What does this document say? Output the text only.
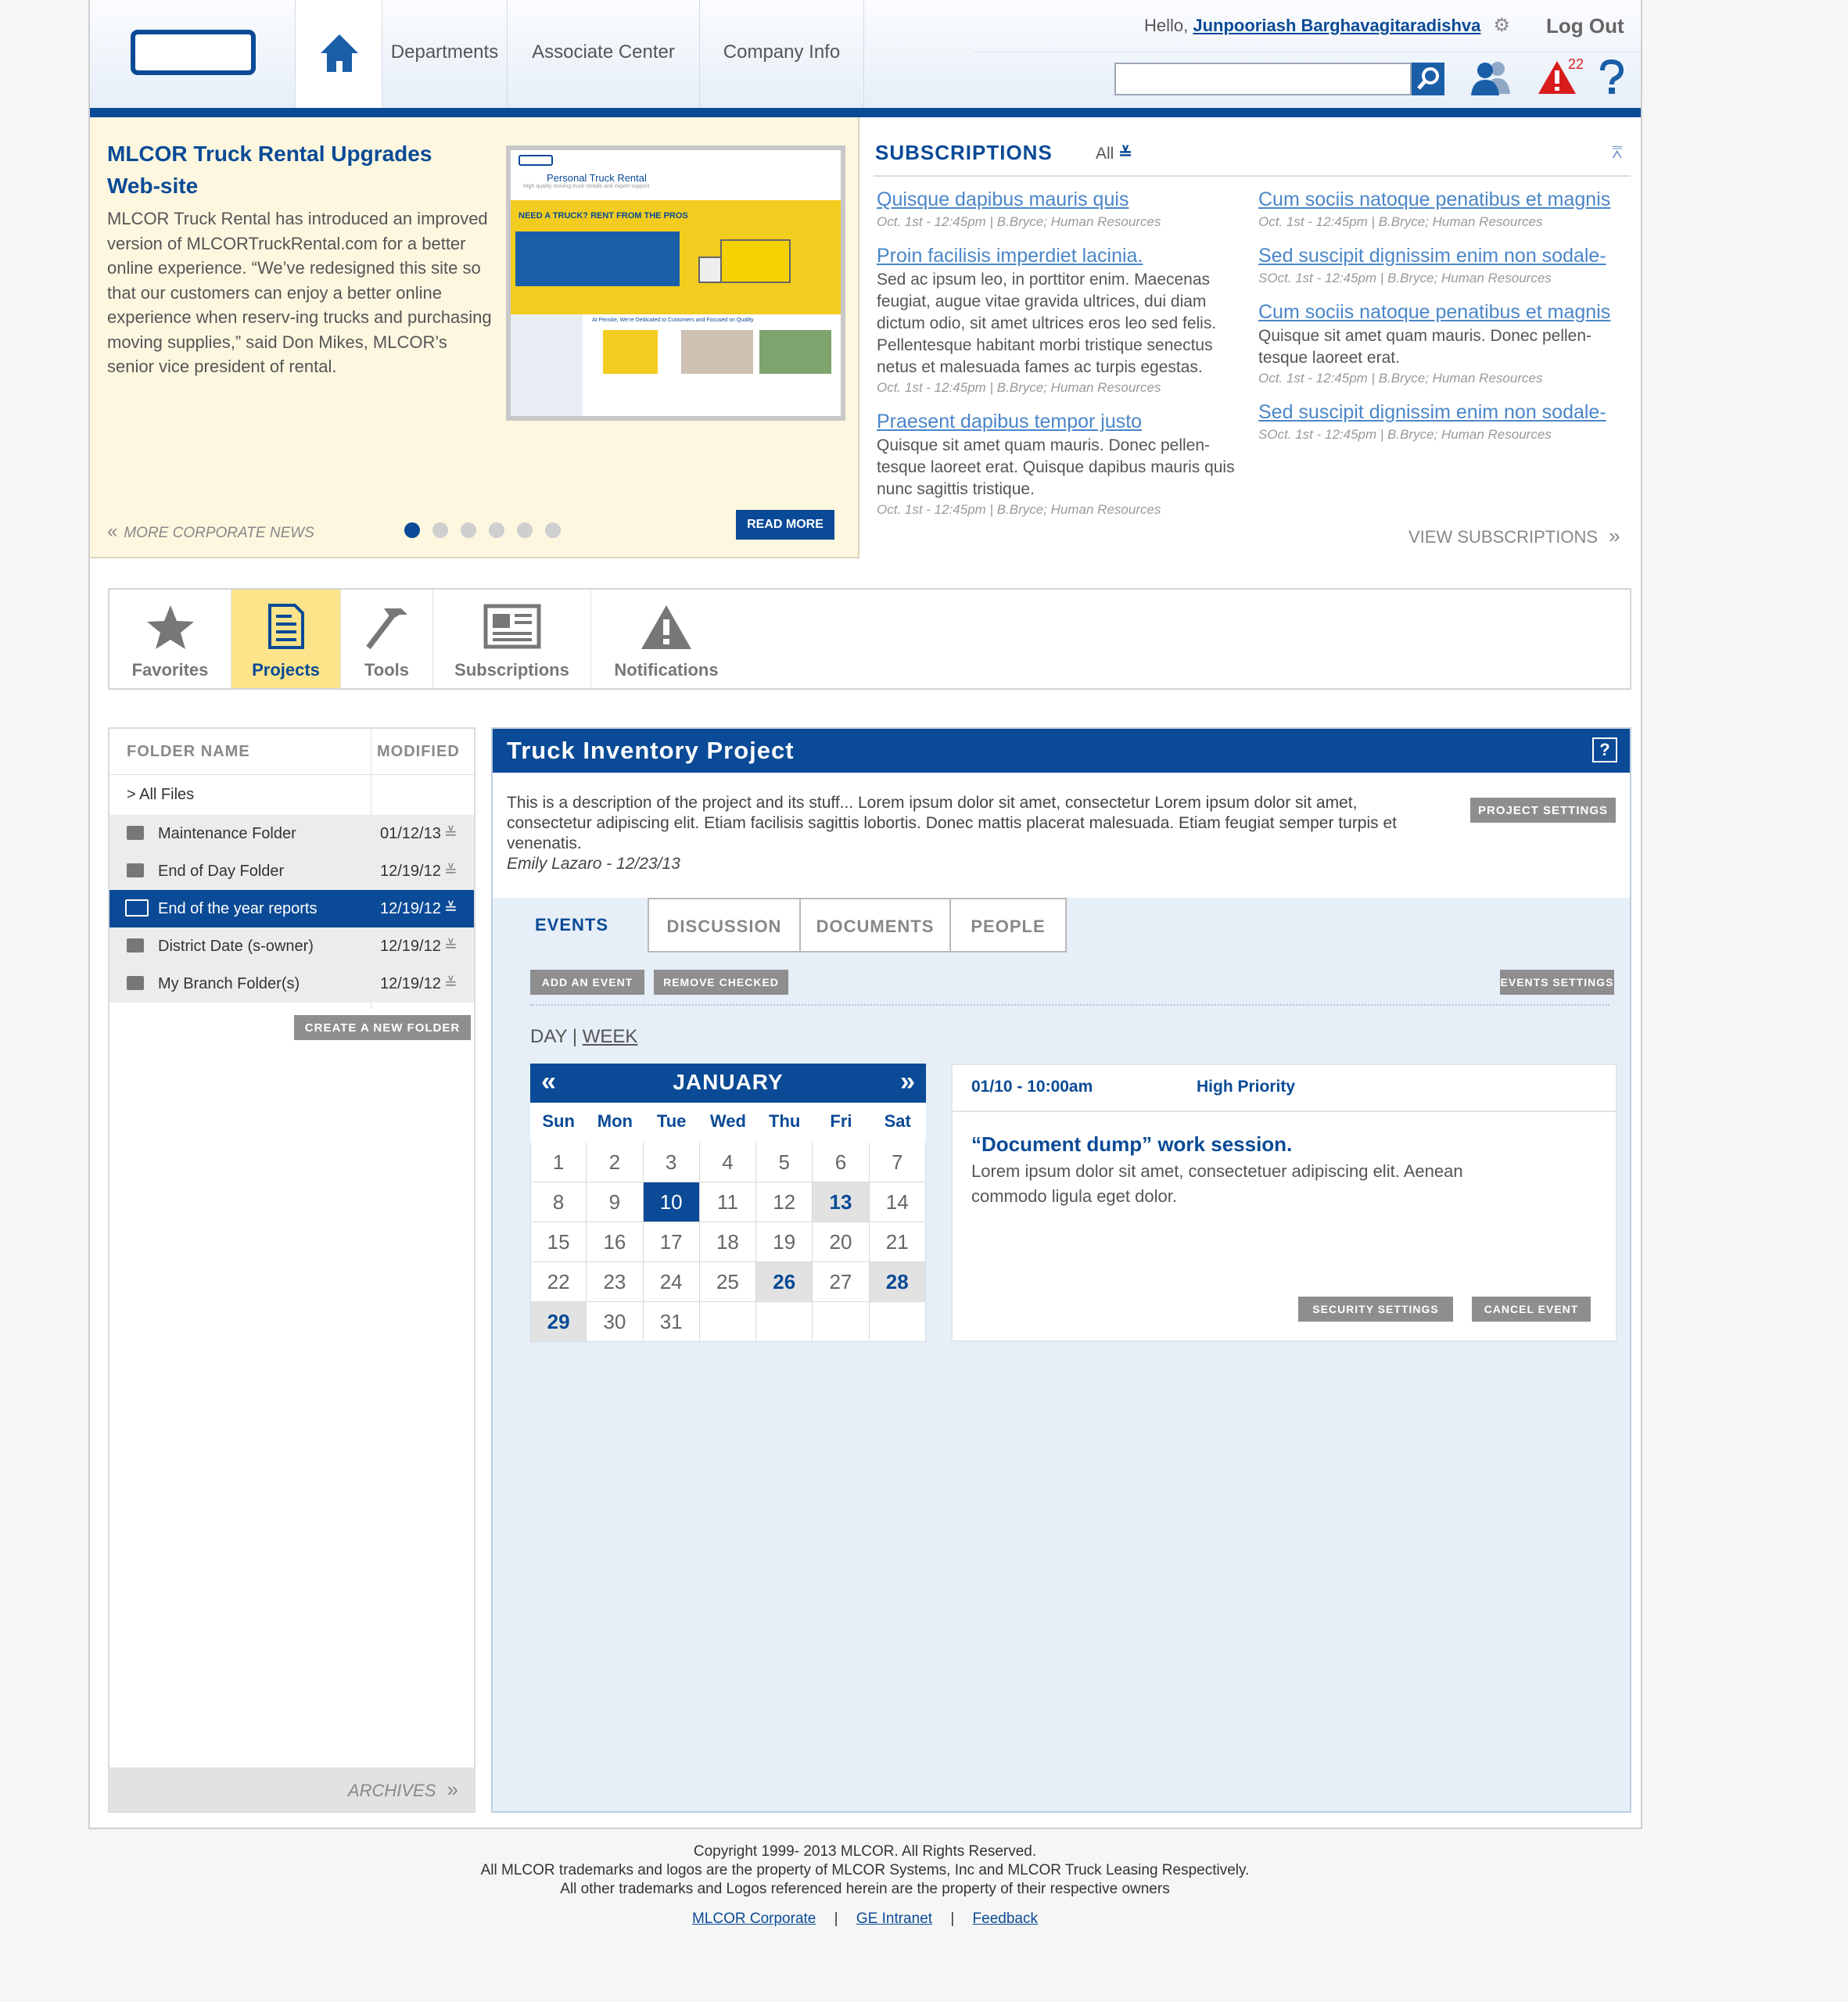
Departments	Associate Center	Company Info
Hello, Junpooriash Barghavagitaradishva ⚙ Log Out
22
MLCOR Truck Rental Upgrades Web-site
MLCOR Truck Rental has introduced an improved version of MLCORTruckRental.com for a better online experience. “We’ve redesigned this site so that our customers can enjoy a better online experience when reserv-ing trucks and purchasing moving supplies,” said Don Mikes, MLCOR’s senior vice president of rental.
Personal Truck Rental
High quality moving truck rentals and expert support
NEED A TRUCK? RENT FROM THE PROS
At Penske, We're Dedicated to Customers and Focused on Quality
« MORE CORPORATE NEWS
READ MORE
SUBSCRIPTIONS	All ≚	⩞
Quisque dapibus mauris quis
Oct. 1st - 12:45pm | B.Bryce; Human Resources
Proin facilisis imperdiet lacinia.
Sed ac ipsum leo, in porttitor enim. Maecenas feugiat, augue vitae gravida ultrices, dui diam dictum odio, sit amet ultrices eros leo sed felis. Pellentesque habitant morbi tristique senectus netus et malesuada fames ac turpis egestas.
Oct. 1st - 12:45pm | B.Bryce; Human Resources
Praesent dapibus tempor justo
Quisque sit amet quam mauris. Donec pellen-tesque laoreet erat. Quisque dapibus mauris quis nunc sagittis tristique.
Oct. 1st - 12:45pm | B.Bryce; Human Resources
Cum sociis natoque penatibus et magnis
Oct. 1st - 12:45pm | B.Bryce; Human Resources
Sed suscipit dignissim enim non sodale-
SOct. 1st - 12:45pm | B.Bryce; Human Resources
Cum sociis natoque penatibus et magnis
Quisque sit amet quam mauris. Donec pellen-tesque laoreet erat.
Oct. 1st - 12:45pm | B.Bryce; Human Resources
Sed suscipit dignissim enim non sodale-
SOct. 1st - 12:45pm | B.Bryce; Human Resources
VIEW SUBSCRIPTIONS »
Favorites	Projects	Tools	Subscriptions	Notifications
FOLDER NAME	MODIFIED
> All Files
Maintenance Folder	01/12/13 ≚
End of Day Folder	12/19/12 ≚
End of the year reports	12/19/12 ≚
District Date (s-owner)	12/19/12 ≚
My Branch Folder(s)	12/19/12 ≚
CREATE A NEW FOLDER
ARCHIVES »
Truck Inventory Project	?
This is a description of the project and its stuff... Lorem ipsum dolor sit amet, consectetur Lorem ipsum dolor sit amet, consectetur adipiscing elit. Etiam facilisis sagittis lobortis. Donec mattis placerat malesuada. Etiam feugiat semper turpis et venenatis.
Emily Lazaro - 12/23/13
PROJECT SETTINGS
EVENTS	DISCUSSION	DOCUMENTS	PEOPLE
ADD AN EVENT	REMOVE CHECKED	EVENTS SETTINGS
DAY | WEEK
«	JANUARY	»
Sun	Mon	Tue	Wed	Thu	Fri	Sat
1	2	3	4	5	6	7
8	9	10	11	12	13	14
15	16	17	18	19	20	21
22	23	24	25	26	27	28
29	30	31
01/10 - 10:00am	High Priority
“Document dump” work session.
Lorem ipsum dolor sit amet, consectetuer adipiscing elit. Aenean commodo ligula eget dolor.
SECURITY SETTINGS	CANCEL EVENT
Copyright 1999- 2013 MLCOR. All Rights Reserved.
All MLCOR trademarks and logos are the property of MLCOR Systems, Inc and MLCOR Truck Leasing Respectively.
All other trademarks and Logos referenced herein are the property of their respective owners
MLCOR Corporate | GE Intranet | Feedback
